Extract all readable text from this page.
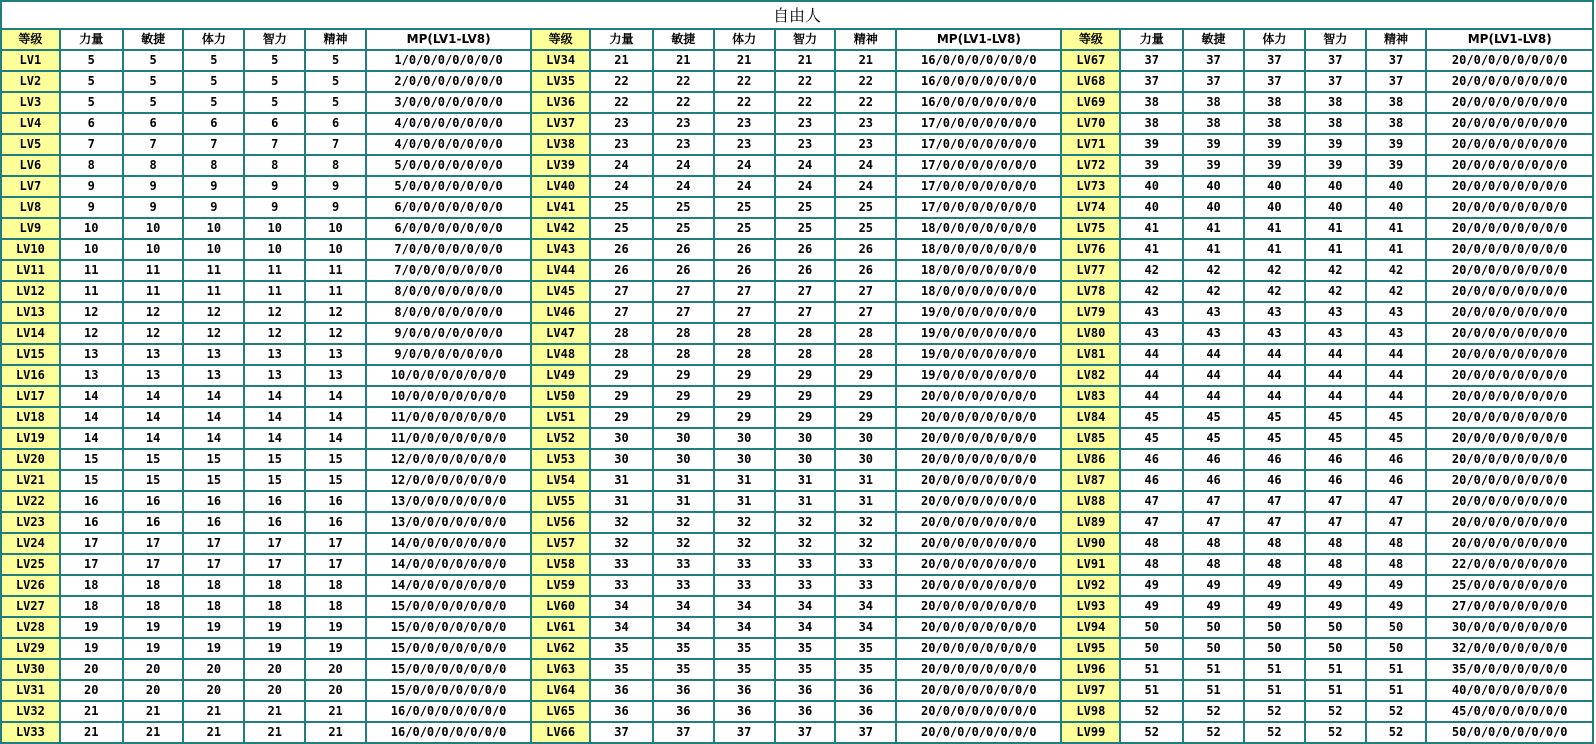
自由人																				
等级	力量	敏捷	体力	智力	精神	MP(LV1-LV8)	等级	力量	敏捷	体力	智力	精神	MP(LV1-LV8)	等级	力量	敏捷	体力	智力	精神	MP(LV1-LV8)
LV1	5	5	5	5	5	1/0/0/0/0/0/0/0	LV34	21	21	21	21	21	16/0/0/0/0/0/0/0	LV67	37	37	37	37	37	20/0/0/0/0/0/0/0
LV2	5	5	5	5	5	2/0/0/0/0/0/0/0	LV35	22	22	22	22	22	16/0/0/0/0/0/0/0	LV68	37	37	37	37	37	20/0/0/0/0/0/0/0
LV3	5	5	5	5	5	3/0/0/0/0/0/0/0	LV36	22	22	22	22	22	16/0/0/0/0/0/0/0	LV69	38	38	38	38	38	20/0/0/0/0/0/0/0
LV4	6	6	6	6	6	4/0/0/0/0/0/0/0	LV37	23	23	23	23	23	17/0/0/0/0/0/0/0	LV70	38	38	38	38	38	20/0/0/0/0/0/0/0
LV5	7	7	7	7	7	4/0/0/0/0/0/0/0	LV38	23	23	23	23	23	17/0/0/0/0/0/0/0	LV71	39	39	39	39	39	20/0/0/0/0/0/0/0
LV6	8	8	8	8	8	5/0/0/0/0/0/0/0	LV39	24	24	24	24	24	17/0/0/0/0/0/0/0	LV72	39	39	39	39	39	20/0/0/0/0/0/0/0
LV7	9	9	9	9	9	5/0/0/0/0/0/0/0	LV40	24	24	24	24	24	17/0/0/0/0/0/0/0	LV73	40	40	40	40	40	20/0/0/0/0/0/0/0
LV8	9	9	9	9	9	6/0/0/0/0/0/0/0	LV41	25	25	25	25	25	17/0/0/0/0/0/0/0	LV74	40	40	40	40	40	20/0/0/0/0/0/0/0
LV9	10	10	10	10	10	6/0/0/0/0/0/0/0	LV42	25	25	25	25	25	18/0/0/0/0/0/0/0	LV75	41	41	41	41	41	20/0/0/0/0/0/0/0
LV10	10	10	10	10	10	7/0/0/0/0/0/0/0	LV43	26	26	26	26	26	18/0/0/0/0/0/0/0	LV76	41	41	41	41	41	20/0/0/0/0/0/0/0
LV11	11	11	11	11	11	7/0/0/0/0/0/0/0	LV44	26	26	26	26	26	18/0/0/0/0/0/0/0	LV77	42	42	42	42	42	20/0/0/0/0/0/0/0
LV12	11	11	11	11	11	8/0/0/0/0/0/0/0	LV45	27	27	27	27	27	18/0/0/0/0/0/0/0	LV78	42	42	42	42	42	20/0/0/0/0/0/0/0
LV13	12	12	12	12	12	8/0/0/0/0/0/0/0	LV46	27	27	27	27	27	19/0/0/0/0/0/0/0	LV79	43	43	43	43	43	20/0/0/0/0/0/0/0
LV14	12	12	12	12	12	9/0/0/0/0/0/0/0	LV47	28	28	28	28	28	19/0/0/0/0/0/0/0	LV80	43	43	43	43	43	20/0/0/0/0/0/0/0
LV15	13	13	13	13	13	9/0/0/0/0/0/0/0	LV48	28	28	28	28	28	19/0/0/0/0/0/0/0	LV81	44	44	44	44	44	20/0/0/0/0/0/0/0
LV16	13	13	13	13	13	10/0/0/0/0/0/0/0	LV49	29	29	29	29	29	19/0/0/0/0/0/0/0	LV82	44	44	44	44	44	20/0/0/0/0/0/0/0
LV17	14	14	14	14	14	10/0/0/0/0/0/0/0	LV50	29	29	29	29	29	20/0/0/0/0/0/0/0	LV83	44	44	44	44	44	20/0/0/0/0/0/0/0
LV18	14	14	14	14	14	11/0/0/0/0/0/0/0	LV51	29	29	29	29	29	20/0/0/0/0/0/0/0	LV84	45	45	45	45	45	20/0/0/0/0/0/0/0
LV19	14	14	14	14	14	11/0/0/0/0/0/0/0	LV52	30	30	30	30	30	20/0/0/0/0/0/0/0	LV85	45	45	45	45	45	20/0/0/0/0/0/0/0
LV20	15	15	15	15	15	12/0/0/0/0/0/0/0	LV53	30	30	30	30	30	20/0/0/0/0/0/0/0	LV86	46	46	46	46	46	20/0/0/0/0/0/0/0
LV21	15	15	15	15	15	12/0/0/0/0/0/0/0	LV54	31	31	31	31	31	20/0/0/0/0/0/0/0	LV87	46	46	46	46	46	20/0/0/0/0/0/0/0
LV22	16	16	16	16	16	13/0/0/0/0/0/0/0	LV55	31	31	31	31	31	20/0/0/0/0/0/0/0	LV88	47	47	47	47	47	20/0/0/0/0/0/0/0
LV23	16	16	16	16	16	13/0/0/0/0/0/0/0	LV56	32	32	32	32	32	20/0/0/0/0/0/0/0	LV89	47	47	47	47	47	20/0/0/0/0/0/0/0
LV24	17	17	17	17	17	14/0/0/0/0/0/0/0	LV57	32	32	32	32	32	20/0/0/0/0/0/0/0	LV90	48	48	48	48	48	20/0/0/0/0/0/0/0
LV25	17	17	17	17	17	14/0/0/0/0/0/0/0	LV58	33	33	33	33	33	20/0/0/0/0/0/0/0	LV91	48	48	48	48	48	22/0/0/0/0/0/0/0
LV26	18	18	18	18	18	14/0/0/0/0/0/0/0	LV59	33	33	33	33	33	20/0/0/0/0/0/0/0	LV92	49	49	49	49	49	25/0/0/0/0/0/0/0
LV27	18	18	18	18	18	15/0/0/0/0/0/0/0	LV60	34	34	34	34	34	20/0/0/0/0/0/0/0	LV93	49	49	49	49	49	27/0/0/0/0/0/0/0
LV28	19	19	19	19	19	15/0/0/0/0/0/0/0	LV61	34	34	34	34	34	20/0/0/0/0/0/0/0	LV94	50	50	50	50	50	30/0/0/0/0/0/0/0
LV29	19	19	19	19	19	15/0/0/0/0/0/0/0	LV62	35	35	35	35	35	20/0/0/0/0/0/0/0	LV95	50	50	50	50	50	32/0/0/0/0/0/0/0
LV30	20	20	20	20	20	15/0/0/0/0/0/0/0	LV63	35	35	35	35	35	20/0/0/0/0/0/0/0	LV96	51	51	51	51	51	35/0/0/0/0/0/0/0
LV31	20	20	20	20	20	15/0/0/0/0/0/0/0	LV64	36	36	36	36	36	20/0/0/0/0/0/0/0	LV97	51	51	51	51	51	40/0/0/0/0/0/0/0
LV32	21	21	21	21	21	16/0/0/0/0/0/0/0	LV65	36	36	36	36	36	20/0/0/0/0/0/0/0	LV98	52	52	52	52	52	45/0/0/0/0/0/0/0
LV33	21	21	21	21	21	16/0/0/0/0/0/0/0	LV66	37	37	37	37	37	20/0/0/0/0/0/0/0	LV99	52	52	52	52	52	50/0/0/0/0/0/0/0
